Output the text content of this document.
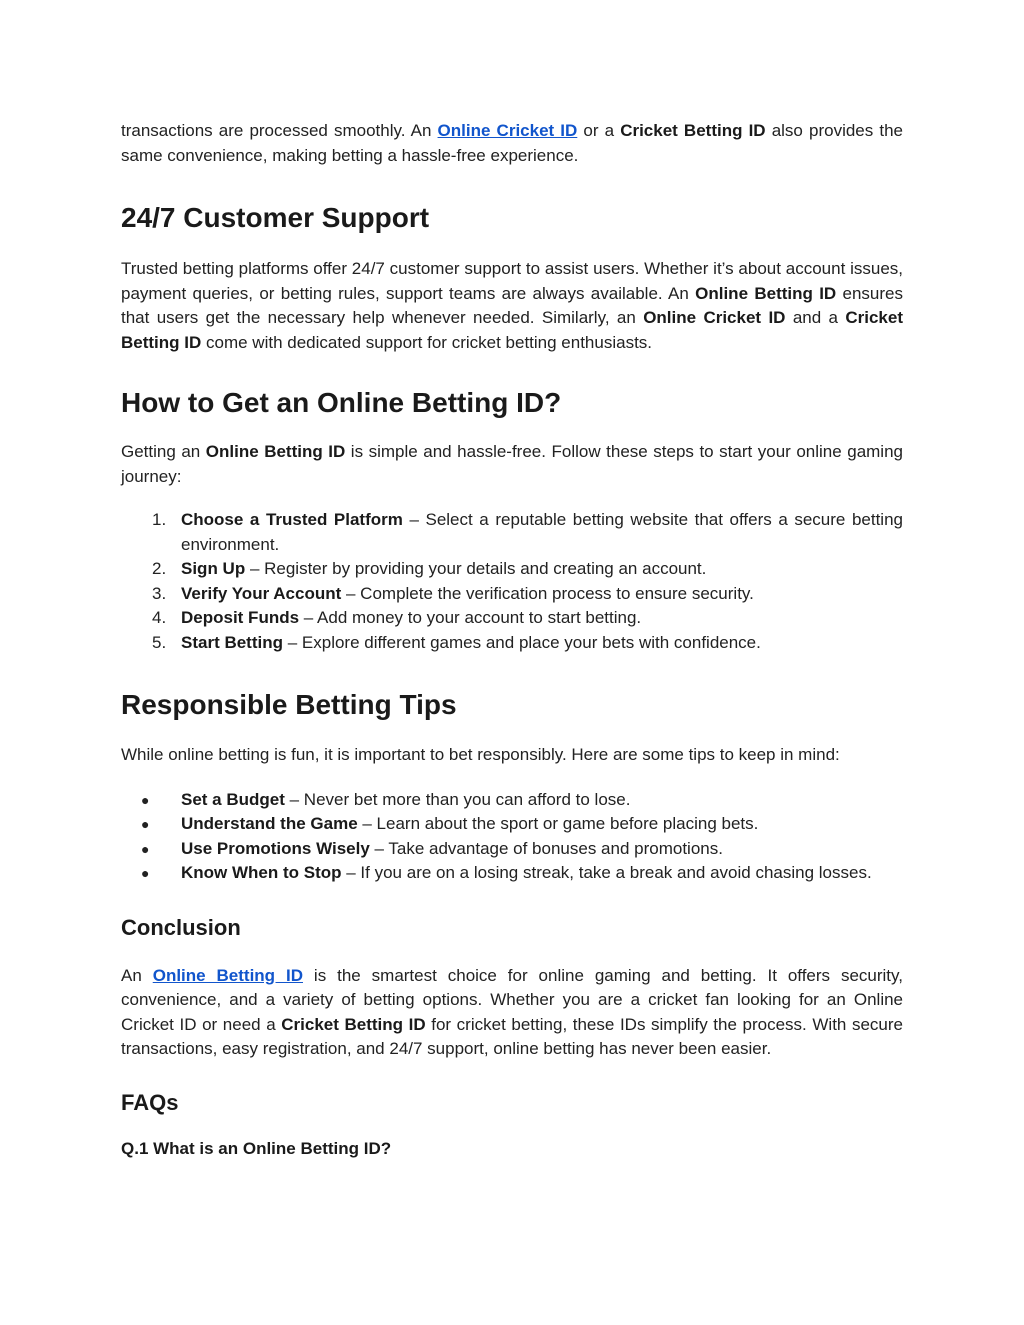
transactions are processed smoothly. An Online Cricket ID or a Cricket Betting ID also provides the same convenience, making betting a hassle-free experience.

24/7 Customer Support

Trusted betting platforms offer 24/7 customer support to assist users. Whether it’s about account issues, payment queries, or betting rules, support teams are always available. An Online Betting ID ensures that users get the necessary help whenever needed. Similarly, an Online Cricket ID and a Cricket Betting ID come with dedicated support for cricket betting enthusiasts.

How to Get an Online Betting ID?

Getting an Online Betting ID is simple and hassle-free. Follow these steps to start your online gaming journey:

1. Choose a Trusted Platform – Select a reputable betting website that offers a secure betting environment.
2. Sign Up – Register by providing your details and creating an account.
3. Verify Your Account – Complete the verification process to ensure security.
4. Deposit Funds – Add money to your account to start betting.
5. Start Betting – Explore different games and place your bets with confidence.
Responsible Betting Tips

While online betting is fun, it is important to bet responsibly. Here are some tips to keep in mind:

● Set a Budget – Never bet more than you can afford to lose.
● Understand the Game – Learn about the sport or game before placing bets.
● Use Promotions Wisely – Take advantage of bonuses and promotions.
● Know When to Stop – If you are on a losing streak, take a break and avoid chasing losses.
Conclusion

An Online Betting ID is the smartest choice for online gaming and betting. It offers security, convenience, and a variety of betting options. Whether you are a cricket fan looking for an Online Cricket ID or need a Cricket Betting ID for cricket betting, these IDs simplify the process. With secure transactions, easy registration, and 24/7 support, online betting has never been easier.

FAQs
Q.1 What is an Online Betting ID?
